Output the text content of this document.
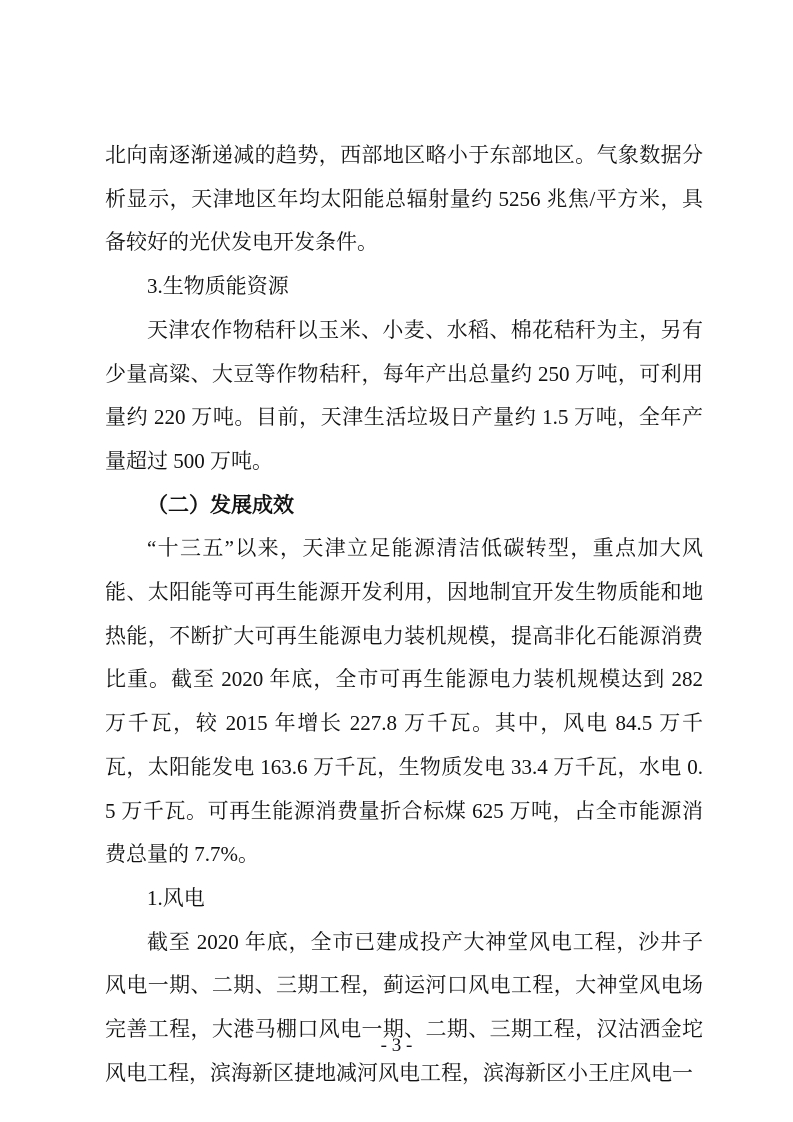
北向南逐渐递减的趋势，西部地区略小于东部地区。气象数据分析显示，天津地区年均太阳能总辐射量约 5256 兆焦/平方米，具备较好的光伏发电开发条件。

3.生物质能资源

天津农作物秸秆以玉米、小麦、水稻、棉花秸秆为主，另有少量高粱、大豆等作物秸秆，每年产出总量约 250 万吨，可利用量约 220 万吨。目前，天津生活垃圾日产量约 1.5 万吨，全年产量超过 500 万吨。

（二）发展成效

“十三五”以来，天津立足能源清洁低碳转型，重点加大风能、太阳能等可再生能源开发利用，因地制宜开发生物质能和地热能，不断扩大可再生能源电力装机规模，提高非化石能源消费比重。截至 2020 年底，全市可再生能源电力装机规模达到 282 万千瓦，较 2015 年增长 227.8 万千瓦。其中，风电 84.5 万千瓦，太阳能发电 163.6 万千瓦，生物质发电 33.4 万千瓦，水电 0.5 万千瓦。可再生能源消费量折合标煤 625 万吨，占全市能源消费总量的 7.7%。

1.风电

截至 2020 年底，全市已建成投产大神堂风电工程，沙井子风电一期、二期、三期工程，蓟运河口风电工程，大神堂风电场完善工程，大港马棚口风电一期、二期、三期工程，汉沽洒金坨风电工程，滨海新区捷地减河风电工程，滨海新区小王庄风电一

- 3 -
